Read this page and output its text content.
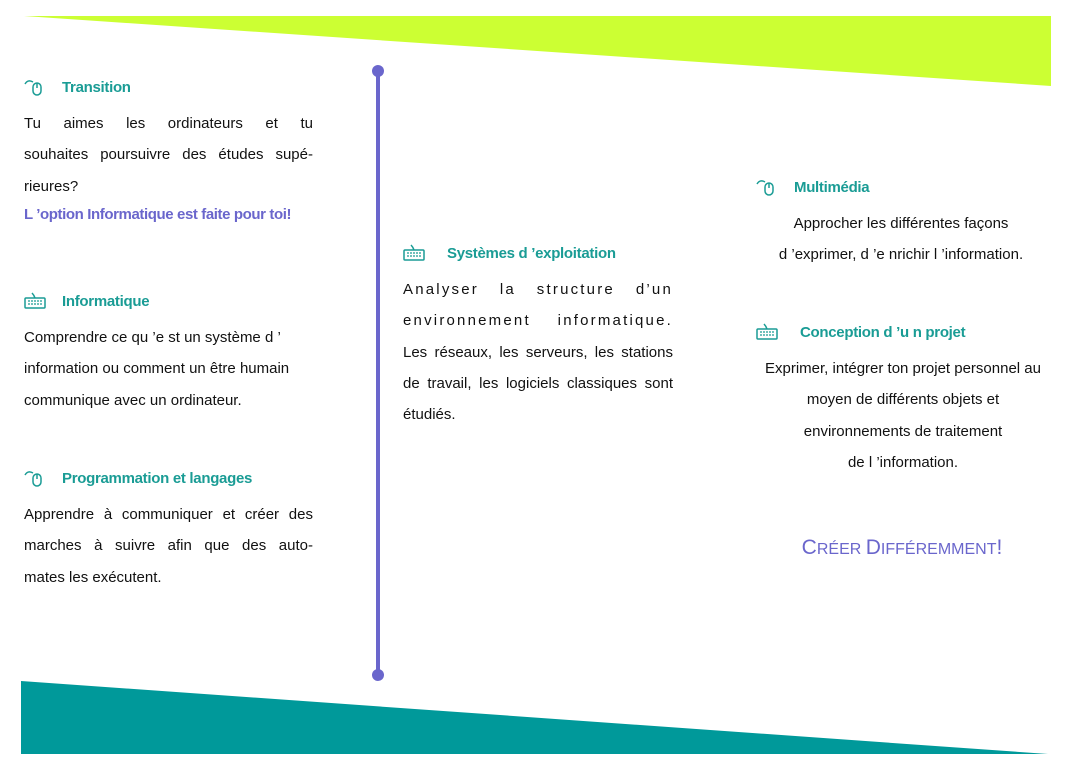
Transition
Tu aimes les ordinateurs et tu
souhaites poursuivre des études supé-
rieures?
L ’option Informatique est faite pour toi!
Informatique
Comprendre ce qu ’e st un système d ’
information ou comment un être humain
communique avec un ordinateur.
Programmation et langages
Apprendre à communiquer et créer des
marches à suivre afin que des auto-
mates les exécutent.
Systèmes d ’exploitation
Analyser la structure d’un
environnement informatique.
Les réseaux, les serveurs, les stations
de travail, les logiciels classiques sont
étudiés.
Multimédia
Approcher les différentes façons
d ’exprimer, d ’e nrichir l ’information.
Conception d ’u n projet
Exprimer, intégrer ton projet personnel au
moyen de différents objets et
environnements de traitement
de l ’information.
CRÉER DIFFÉREMMENT!
